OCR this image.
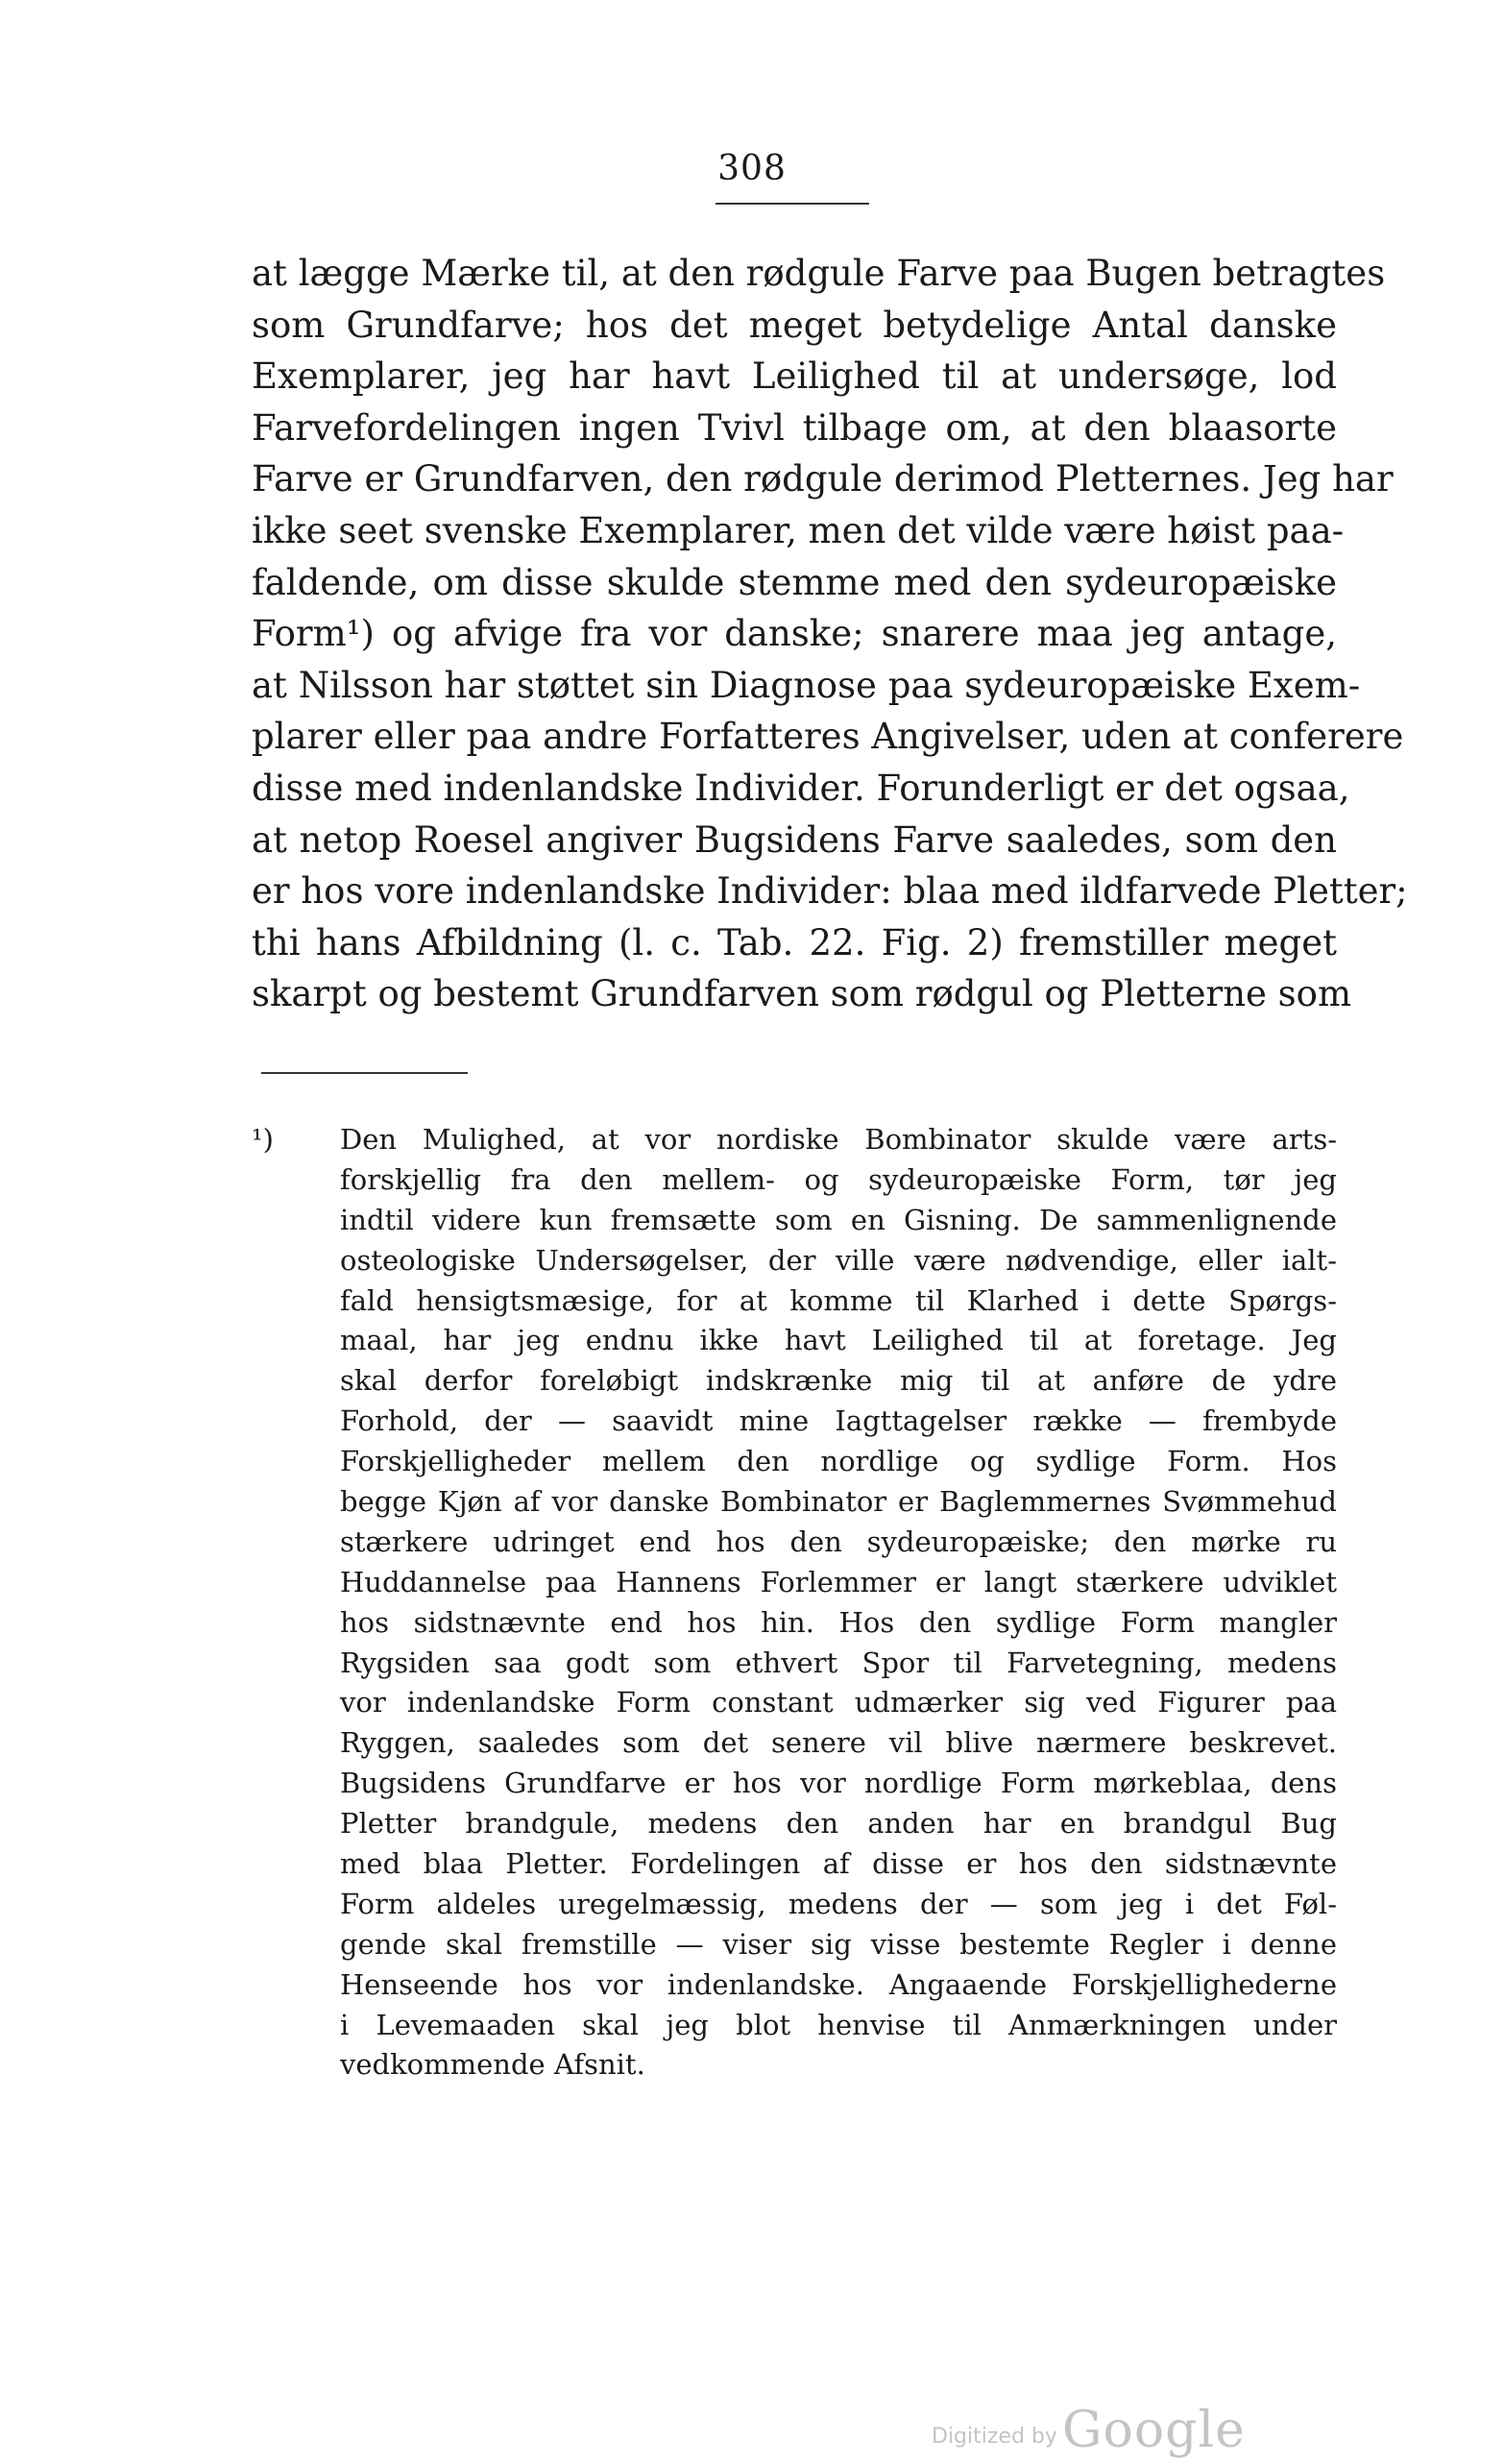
308
at lægge Mærke til, at den rødgule Farve paa Bugen betragtes
som Grundfarve; hos det meget betydelige Antal danske
Exemplarer, jeg har havt Leilighed til at undersøge, lod
Farvefordelingen ingen Tvivl tilbage om, at den blaasorte
Farve er Grundfarven, den rødgule derimod Pletternes. Jeg har
ikke seet svenske Exemplarer, men det vilde være høist paa-
faldende, om disse skulde stemme med den sydeuropæiske
Form¹) og afvige fra vor danske; snarere maa jeg antage,
at Nilsson har støttet sin Diagnose paa sydeuropæiske Exem-
plarer eller paa andre Forfatteres Angivelser, uden at conferere
disse med indenlandske Individer. Forunderligt er det ogsaa,
at netop Roesel angiver Bugsidens Farve saaledes, som den
er hos vore indenlandske Individer: blaa med ildfarvede Pletter;
thi hans Afbildning (l. c. Tab. 22. Fig. 2) fremstiller meget
skarpt og bestemt Grundfarven som rødgul og Pletterne som
¹) Den Mulighed, at vor nordiske Bombinator skulde være arts-
forskjellig fra den mellem- og sydeuropæiske Form, tør jeg
indtil videre kun fremsætte som en Gisning. De sammenlignende
osteologiske Undersøgelser, der ville være nødvendige, eller ialt-
fald hensigtsmæsige, for at komme til Klarhed i dette Spørgs-
maal, har jeg endnu ikke havt Leilighed til at foretage. Jeg
skal derfor foreløbigt indskrænke mig til at anføre de ydre
Forhold, der — saavidt mine Iagttagelser række — frembyde
Forskjelligheder mellem den nordlige og sydlige Form. Hos
begge Kjøn af vor danske Bombinator er Baglemmernes Svømmehud
stærkere udringet end hos den sydeuropæiske; den mørke ru
Huddannelse paa Hannens Forlemmer er langt stærkere udviklet
hos sidstnævnte end hos hin. Hos den sydlige Form mangler
Rygsiden saa godt som ethvert Spor til Farvetegning, medens
vor indenlandske Form constant udmærker sig ved Figurer paa
Ryggen, saaledes som det senere vil blive nærmere beskrevet.
Bugsidens Grundfarve er hos vor nordlige Form mørkeblaa, dens
Pletter brandgule, medens den anden har en brandgul Bug
med blaa Pletter. Fordelingen af disse er hos den sidstnævnte
Form aldeles uregelmæssig, medens der — som jeg i det Føl-
gende skal fremstille — viser sig visse bestemte Regler i denne
Henseende hos vor indenlandske. Angaaende Forskjellighederne
i Levemaaden skal jeg blot henvise til Anmærkningen under
vedkommende Afsnit.
Digitized by Google
